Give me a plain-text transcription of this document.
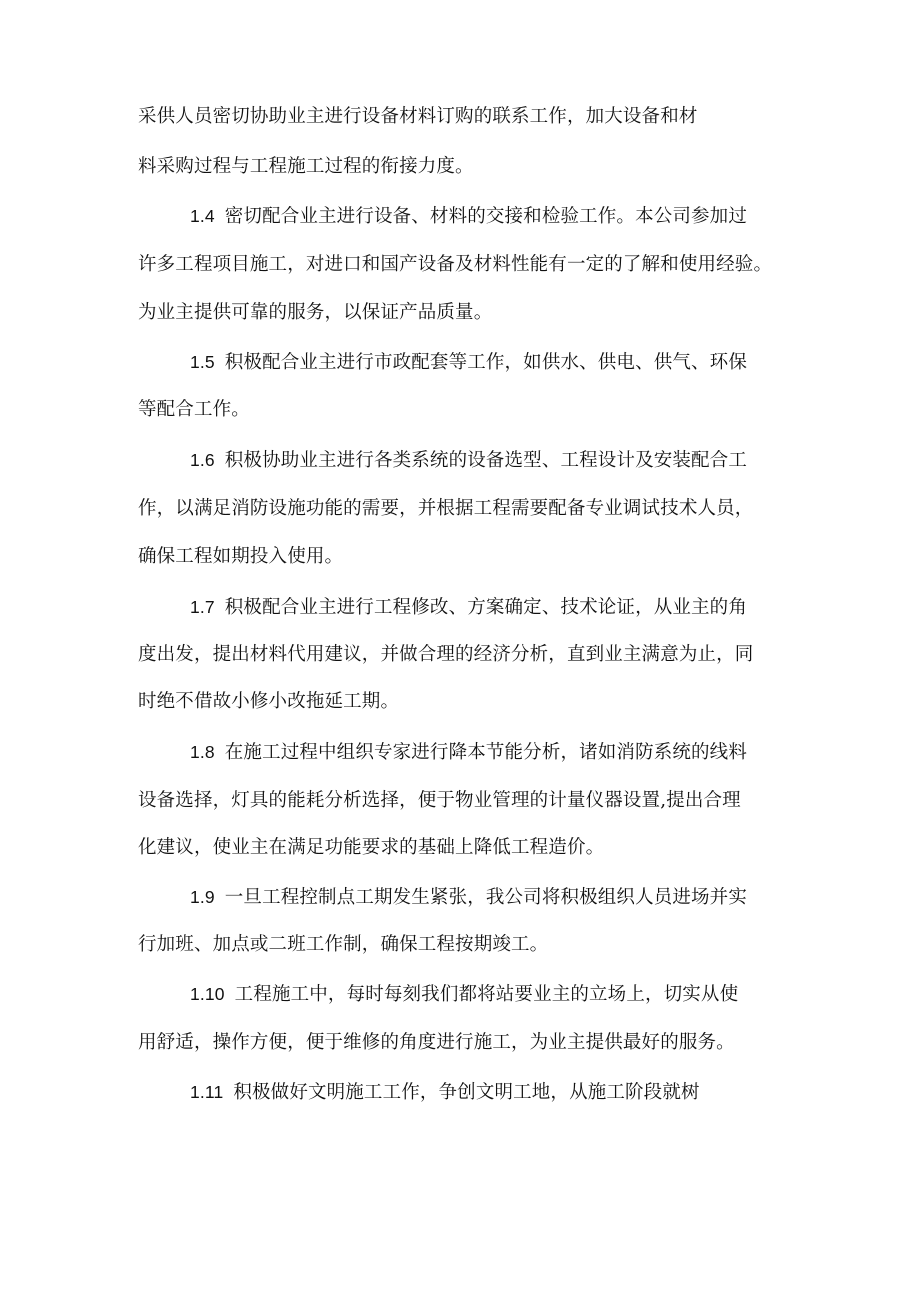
采供人员密切协助业主进行设备材料订购的联系工作，加大设备和材
料采购过程与工程施工过程的衔接力度。
1.4 密切配合业主进行设备、材料的交接和检验工作。本公司参加过
许多工程项目施工，对进口和国产设备及材料性能有一定的了解和使用经验。
为业主提供可靠的服务，以保证产品质量。
1.5 积极配合业主进行市政配套等工作，如供水、供电、供气、环保
等配合工作。
1.6 积极协助业主进行各类系统的设备选型、工程设计及安装配合工
作，以满足消防设施功能的需要，并根据工程需要配备专业调试技术人员，
确保工程如期投入使用。
1.7 积极配合业主进行工程修改、方案确定、技术论证，从业主的角
度出发，提出材料代用建议，并做合理的经济分析，直到业主满意为止，同
时绝不借故小修小改拖延工期。
1.8 在施工过程中组织专家进行降本节能分析，诸如消防系统的线料
设备选择，灯具的能耗分析选择，便于物业管理的计量仪器设置,提出合理
化建议，使业主在满足功能要求的基础上降低工程造价。
1.9 一旦工程控制点工期发生紧张，我公司将积极组织人员进场并实
行加班、加点或二班工作制，确保工程按期竣工。
1.10 工程施工中，每时每刻我们都将站要业主的立场上，切实从使
用舒适，操作方便，便于维修的角度进行施工，为业主提供最好的服务。
1.11 积极做好文明施工工作，争创文明工地，从施工阶段就树
